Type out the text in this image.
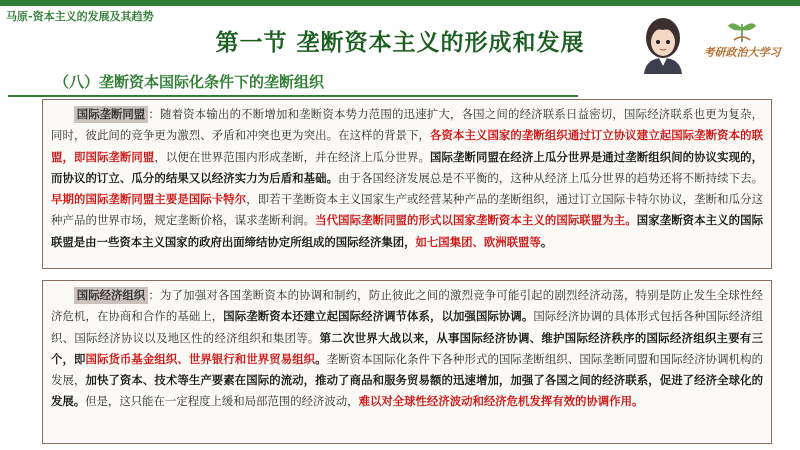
马原-资本主义的发展及其趋势
第一节 垄断资本主义的形成和发展	考研政治大学习
（八）垄断资本国际化条件下的垄断组织

国际垄断同盟 ：随着资本输出的不断增加和垄断资本势力范围的迅速扩大，各国之间的经济联系日益密切，国际经济联系也更为复杂，同时，彼此间的竞争更为激烈、矛盾和冲突也更为突出。在这样的背景下，各资本主义国家的垄断组织通过订立协议建立起国际垄断资本的联盟，即国际垄断同盟，以便在世界范围内形成垄断，并在经济上瓜分世界。国际垄断同盟在经济上瓜分世界是通过垄断组织间的协议实现的，而协议的订立、瓜分的结果又以经济实力为后盾和基础。由于各国经济发展总是不平衡的，这种从经济上瓜分世界的趋势还将不断持续下去。早期的国际垄断同盟主要是国际卡特尔，即若干垄断资本主义国家生产或经营某种产品的垄断组织，通过订立国际卡特尔协议，垄断和瓜分这种产品的世界市场，规定垄断价格，谋求垄断利润。当代国际垄断同盟的形式以国家垄断资本主义的国际联盟为主。国家垄断资本主义的国际联盟是由一些资本主义国家的政府出面缔结协定所组成的国际经济集团，如七国集团、欧洲联盟等。

国际经济组织 ：为了加强对各国垄断资本的协调和制约，防止彼此之间的激烈竞争可能引起的剧烈经济动荡，特别是防止发生全球性经济危机，在协商和合作的基础上，国际垄断资本还建立起国际经济调节体系，以加强国际协调。国际经济协调的具体形式包括各种国际经济组织、国际经济协议以及地区性的经济组织和集团等。第二次世界大战以来，从事国际经济协调、维护国际经济秩序的国际经济组织主要有三个，即国际货币基金组织、世界银行和世界贸易组织。垄断资本国际化条件下各种形式的国际垄断组织、国际垄断同盟和国际经济协调机构的发展，加快了资本、技术等生产要素在国际的流动，推动了商品和服务贸易额的迅速增加，加强了各国之间的经济联系，促进了经济全球化的发展。但是，这只能在一定程度上缓和局部范围的经济波动，难以对全球性经济波动和经济危机发挥有效的协调作用。
